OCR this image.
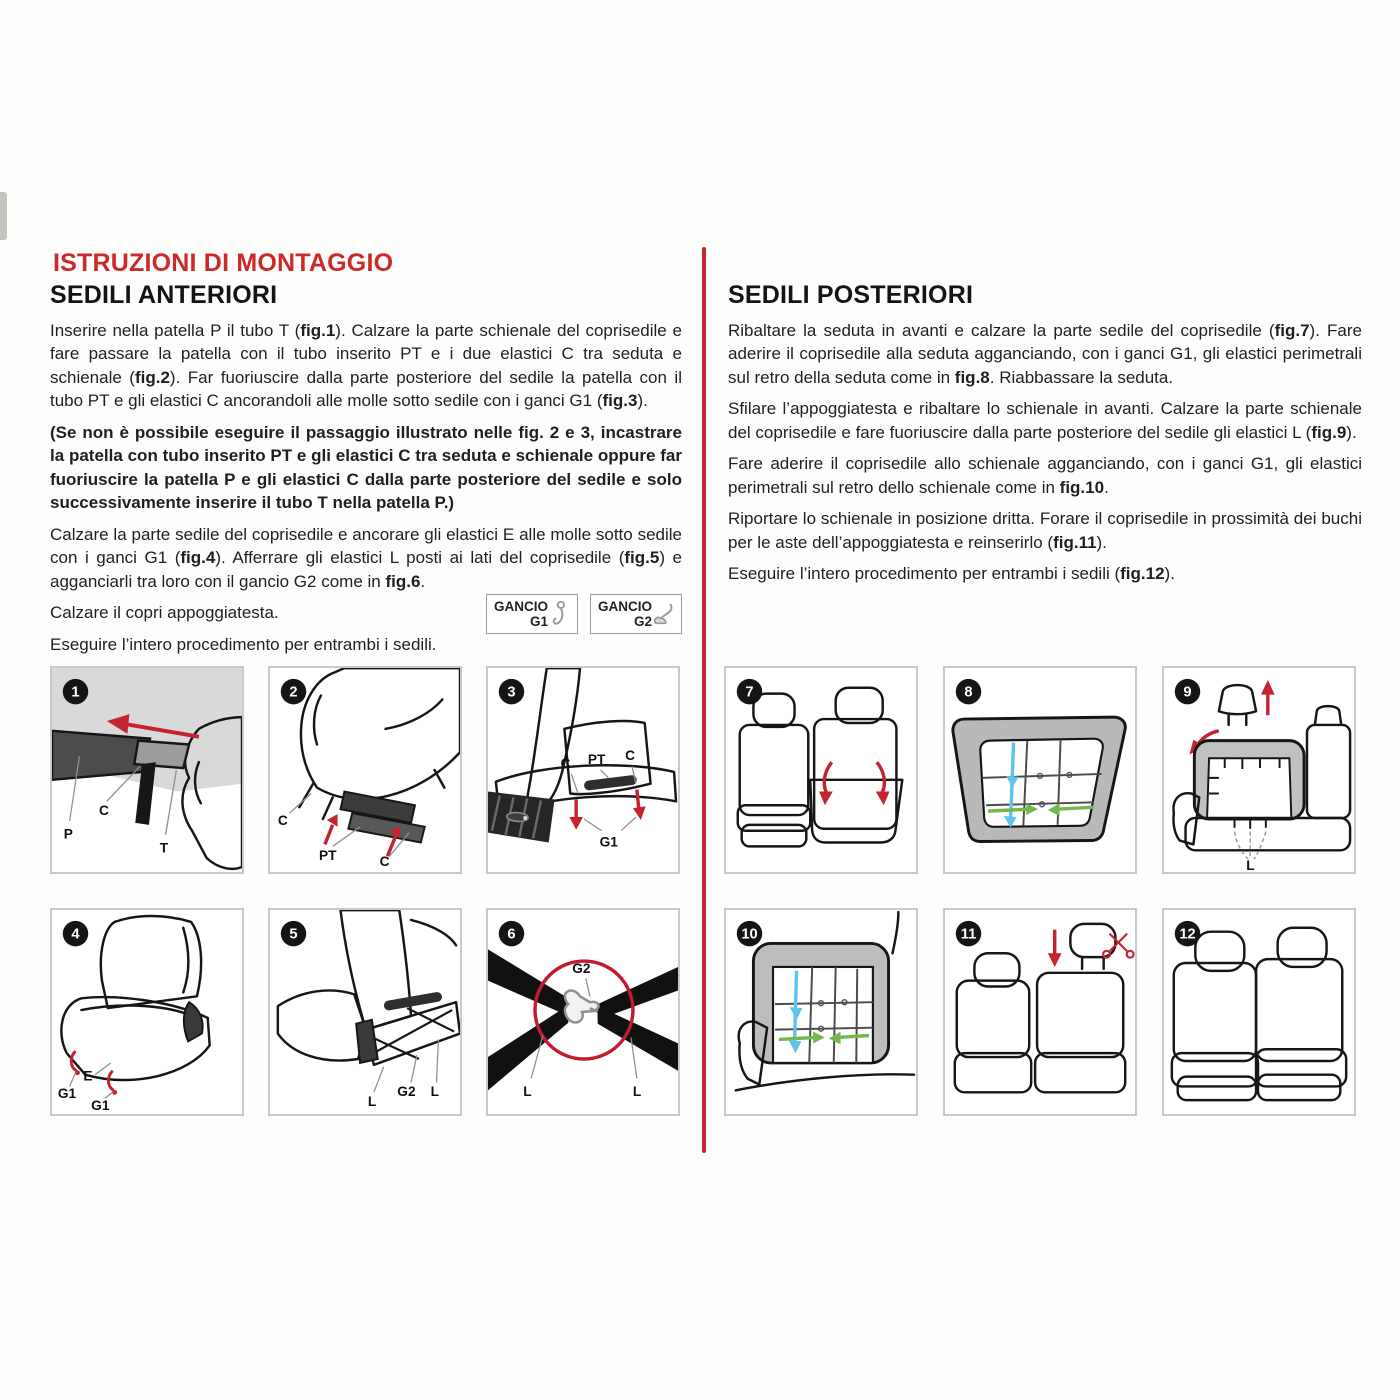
ISTRUZIONI DI MONTAGGIO
SEDILI ANTERIORI

Inserire nella patella P il tubo T (fig.1). Calzare la parte schienale del coprisedile e fare passare la patella con il tubo inserito PT e i due elastici C tra seduta e schienale (fig.2). Far fuoriuscire dalla parte posteriore del sedile la patella con il tubo PT e gli elastici C ancorandoli alle molle sotto sedile con i ganci G1 (fig.3).

(Se non è possibile eseguire il passaggio illustrato nelle fig. 2 e 3, incastrare la patella con tubo inserito PT e gli elastici C tra seduta e schienale oppure far fuoriuscire la patella P e gli elastici C dalla parte posteriore del sedile e solo successivamente inserire il tubo T nella patella P.)

Calzare la parte sedile del coprisedile e ancorare gli elastici E alle molle sotto sedile con i ganci G1 (fig.4). Afferrare gli elastici L posti ai lati del coprisedile (fig.5) e agganciarli tra loro con il gancio G2 come in fig.6.

Calzare il copri appoggiatesta.

Eseguire l’intero procedimento per entrambi i sedili.

SEDILI POSTERIORI

Ribaltare la seduta in avanti e calzare la parte sedile del coprisedile (fig.7). Fare aderire il coprisedile alla seduta agganciando, con i ganci G1, gli elastici perimetrali sul retro della seduta come in fig.8. Riabbassare la seduta.

Sfilare l’appoggiatesta e ribaltare lo schienale in avanti. Calzare la parte schienale del coprisedile e fare fuoriuscire dalla parte posteriore del sedile gli elastici L (fig.9).

Fare aderire il coprisedile allo schienale agganciando, con i ganci G1, gli elastici perimetrali sul retro dello schienale come in fig.10.

Riportare lo schienale in posizione dritta. Forare il coprisedile in prossimità dei buchi per le aste dell’appoggiatesta e reinserirlo (fig.11).

Eseguire l’intero procedimento per entrambi i sedili (fig.12).

GANCIO
G1
GANCIO
G2
P
C
T
1
C
PT	C
2
C PT C
G1
3
G1
E
G1
4
L
G2 L
5
G2
L	L
6
7	8
L
9
10	11	12
